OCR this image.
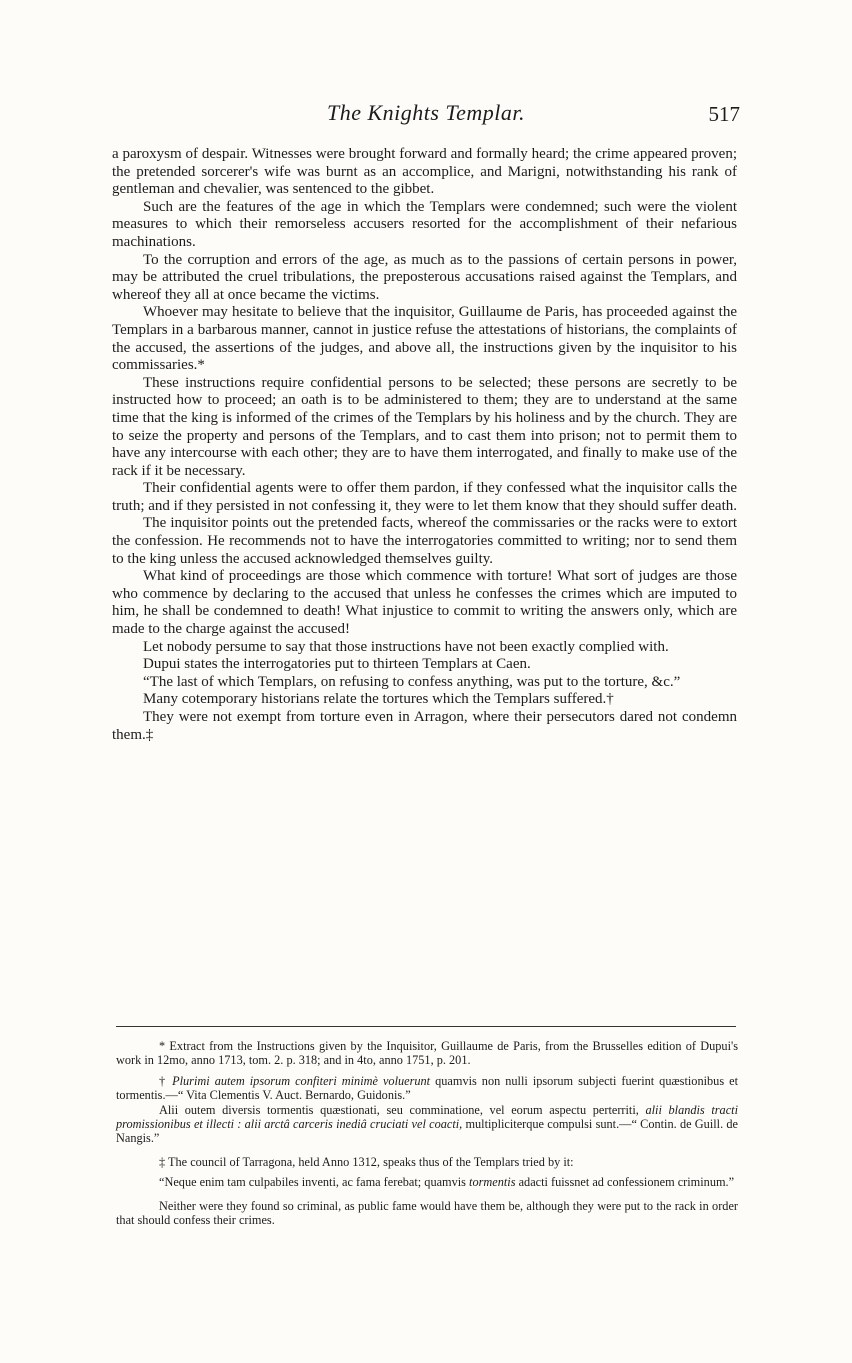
The Knights Templar.	517

a paroxysm of despair. Witnesses were brought forward and formally heard; the crime appeared proven; the pretended sorcerer's wife was burnt as an accomplice, and Marigni, notwithstanding his rank of gentleman and chevalier, was sentenced to the gibbet.

Such are the features of the age in which the Templars were condemned; such were the violent measures to which their remorseless accusers resorted for the accomplishment of their nefarious machinations.

To the corruption and errors of the age, as much as to the passions of certain persons in power, may be attributed the cruel tribulations, the preposterous accusations raised against the Templars, and whereof they all at once became the victims.

Whoever may hesitate to believe that the inquisitor, Guillaume de Paris, has proceeded against the Templars in a barbarous manner, cannot in justice refuse the attestations of historians, the complaints of the accused, the assertions of the judges, and above all, the instructions given by the inquisitor to his commissaries.*

These instructions require confidential persons to be selected; these persons are secretly to be instructed how to proceed; an oath is to be administered to them; they are to understand at the same time that the king is informed of the crimes of the Templars by his holiness and by the church. They are to seize the property and persons of the Templars, and to cast them into prison; not to permit them to have any intercourse with each other; they are to have them interrogated, and finally to make use of the rack if it be necessary.

Their confidential agents were to offer them pardon, if they confessed what the inquisitor calls the truth; and if they persisted in not confessing it, they were to let them know that they should suffer death.

The inquisitor points out the pretended facts, whereof the commissaries or the racks were to extort the confession. He recommends not to have the interrogatories committed to writing; nor to send them to the king unless the accused acknowledged themselves guilty.

What kind of proceedings are those which commence with torture! What sort of judges are those who commence by declaring to the accused that unless he confesses the crimes which are imputed to him, he shall be condemned to death! What injustice to commit to writing the answers only, which are made to the charge against the accused!

Let nobody persume to say that those instructions have not been exactly complied with.

Dupui states the interrogatories put to thirteen Templars at Caen.

“The last of which Templars, on refusing to confess anything, was put to the torture, &c.”

Many cotemporary historians relate the tortures which the Templars suffered.†

They were not exempt from torture even in Arragon, where their persecutors dared not condemn them.‡

* Extract from the Instructions given by the Inquisitor, Guillaume de Paris, from the Brusselles edition of Dupui's work in 12mo, anno 1713, tom. 2. p. 318; and in 4to, anno 1751, p. 201.

† Plurimi autem ipsorum confiteri minimè voluerunt quamvis non nulli ipsorum subjecti fuerint quæstionibus et tormentis.—“ Vita Clementis V. Auct. Bernardo, Guidonis.”

Alii outem diversis tormentis quæstionati, seu comminatione, vel eorum aspectu perterriti, alii blandis tracti promissionibus et illecti : alii arctâ carceris inediâ cruciati vel coacti, multipliciterque compulsi sunt.—“ Contin. de Guill. de Nangis.”

‡ The council of Tarragona, held Anno 1312, speaks thus of the Templars tried by it:

“Neque enim tam culpabiles inventi, ac fama ferebat; quamvis tormentis adacti fuissnet ad confessionem criminum.”

Neither were they found so criminal, as public fame would have them be, although they were put to the rack in order that should confess their crimes.
